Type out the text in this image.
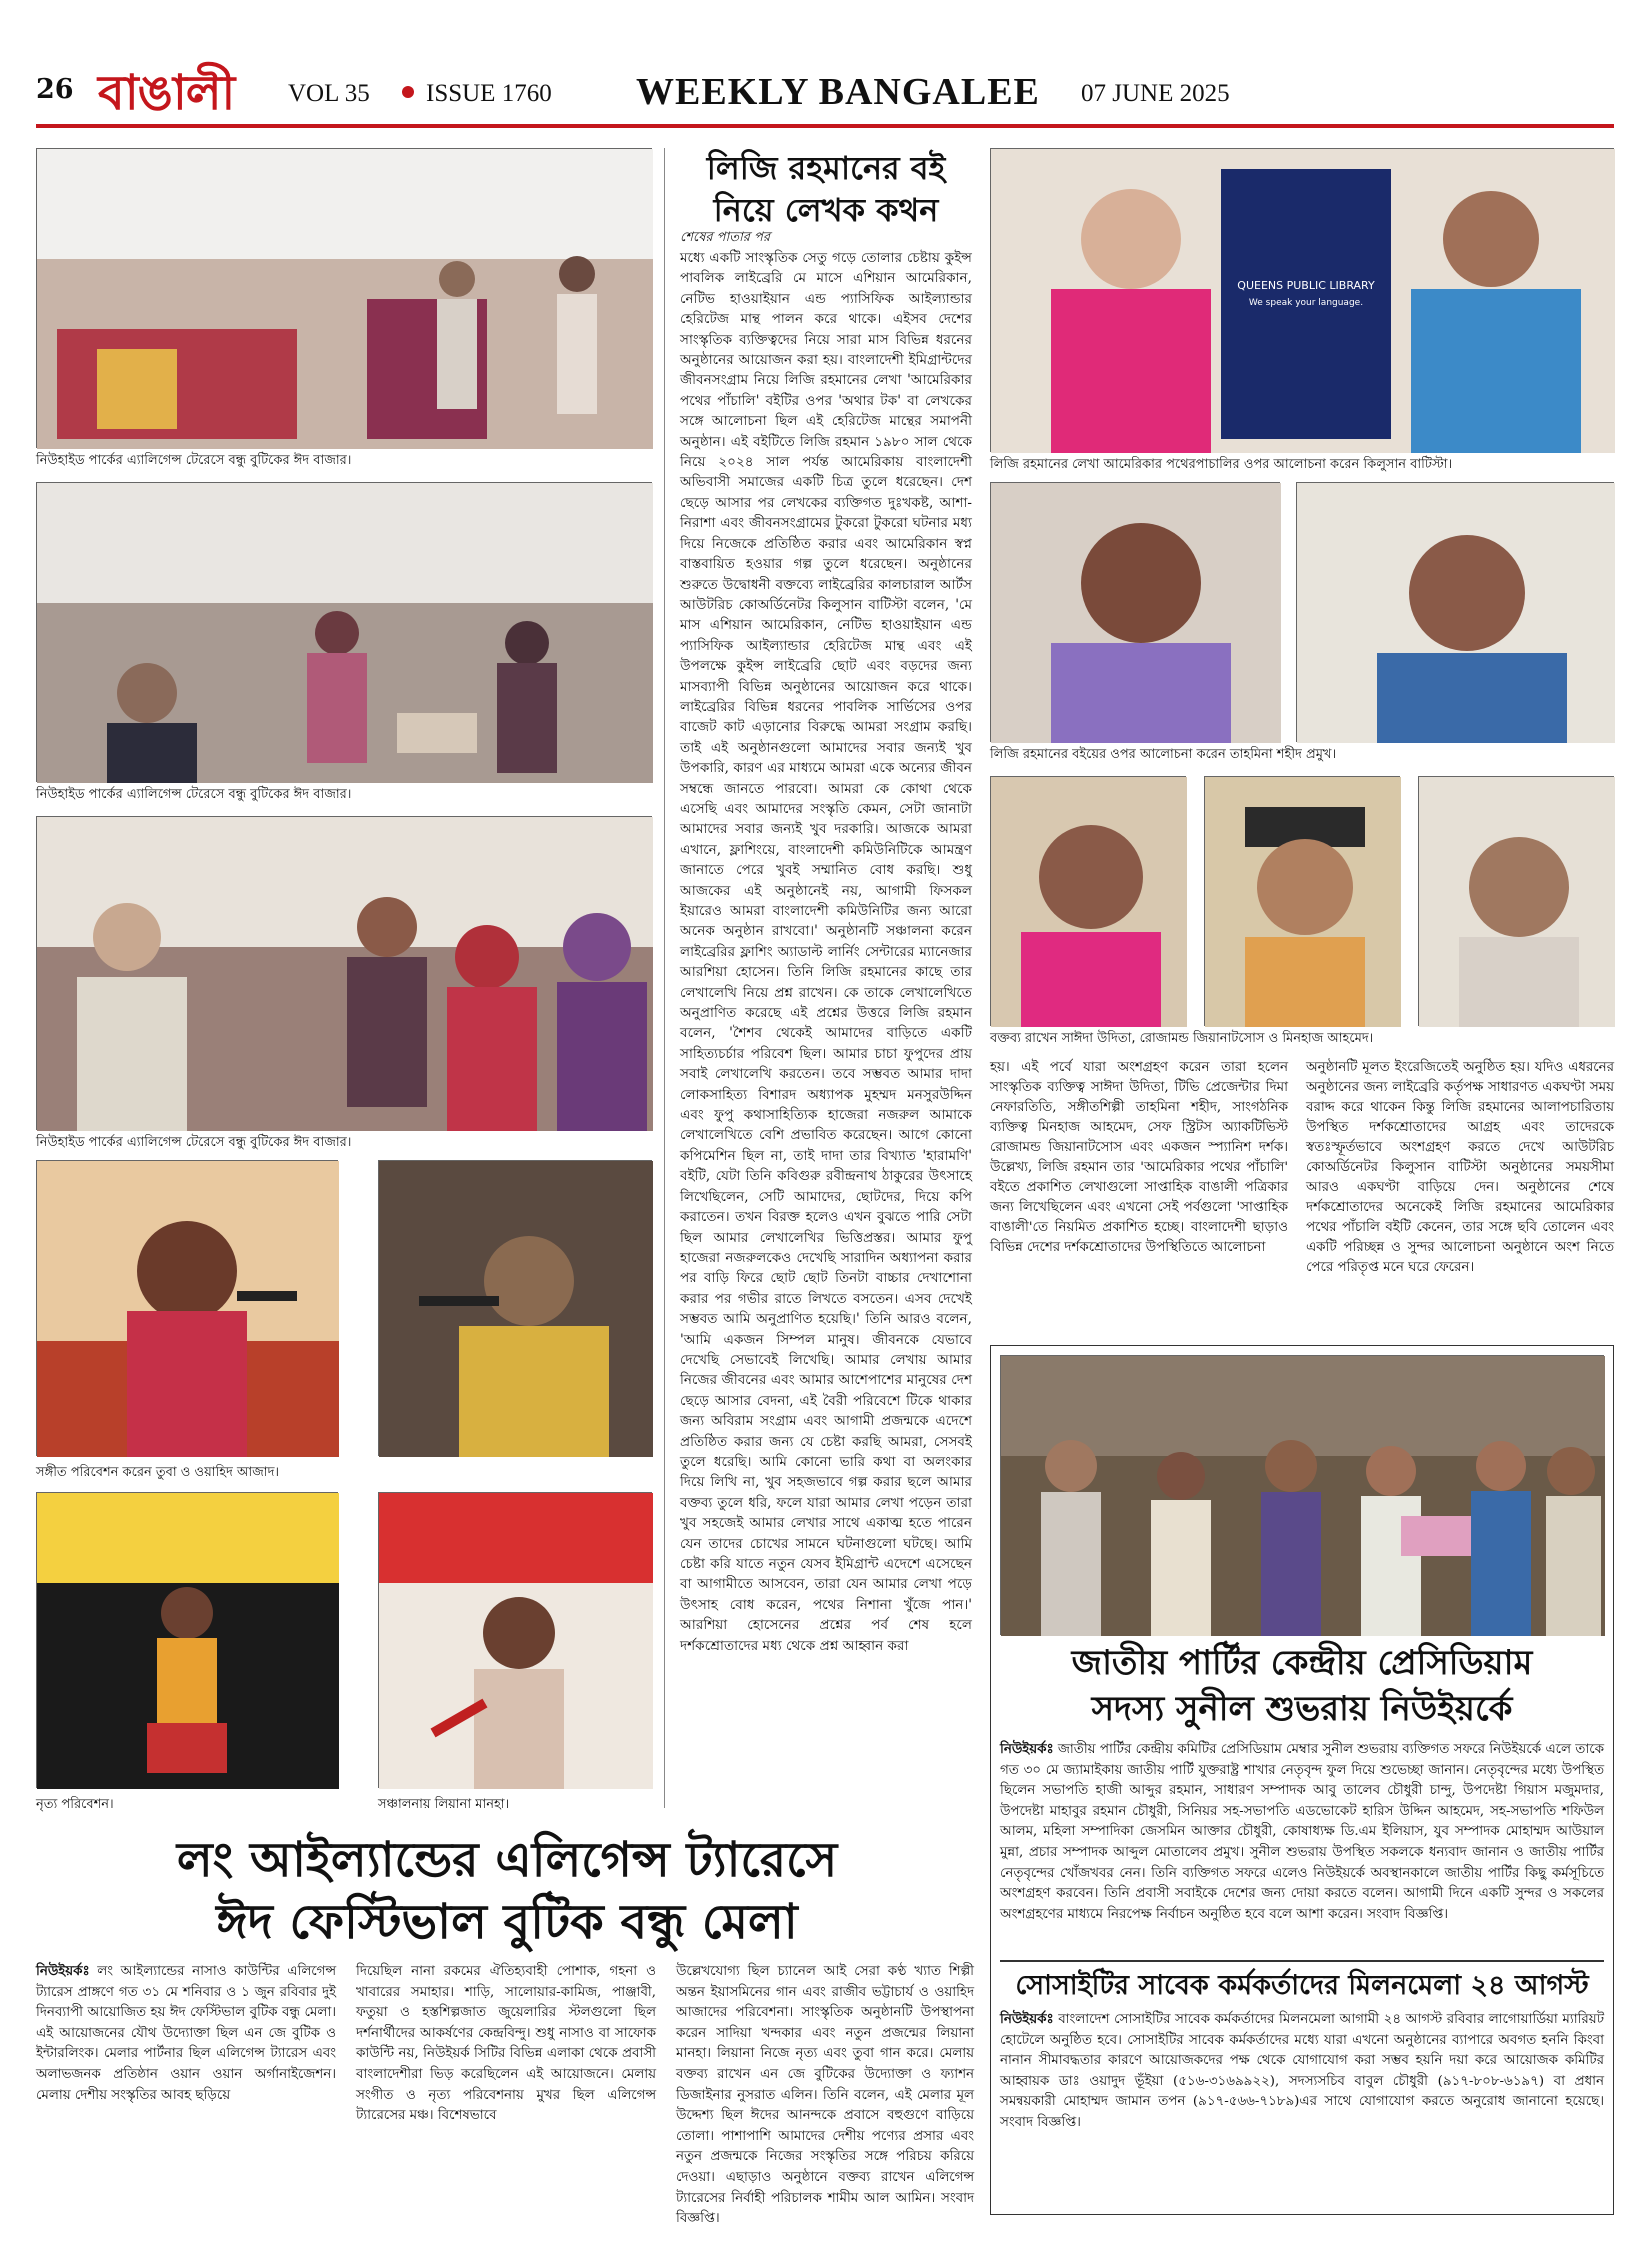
26 বাঙালী	VOL 35 ISSUE 1760 WEEKLY BANGALEE 07 JUNE 2025
নিউহাইড পার্কের এ্যালিগেন্স টেরেসে বন্ধু বুটিকের ঈদ বাজার।
নিউহাইড পার্কের এ্যালিগেন্স টেরেসে বন্ধু বুটিকের ঈদ বাজার।
নিউহাইড পার্কের এ্যালিগেন্স টেরেসে বন্ধু বুটিকের ঈদ বাজার।
সঙ্গীত পরিবেশন করেন তুবা ও ওয়াহিদ আজাদ।
নৃত্য পরিবেশন।	সঞ্চালনায় লিয়ানা মানহা।
লিজি রহমানের বই
নিয়ে লেখক কথন
শেষের পাতার পর
মধ্যে একটি সাংস্কৃতিক সেতু গড়ে তোলার চেষ্টায় কুইন্স পাবলিক লাইব্রেরি মে মাসে এশিয়ান আমেরিকান, নেটিভ হাওয়াইয়ান এন্ড প্যাসিফিক আইল্যান্ডার হেরিটেজ মান্থ পালন করে থাকে। এইসব দেশের সাংস্কৃতিক ব্যক্তিত্বদের নিয়ে সারা মাস বিভিন্ন ধরনের অনুষ্ঠানের আয়োজন করা হয়। বাংলাদেশী ইমিগ্রান্টদের জীবনসংগ্রাম নিয়ে লিজি রহমানের লেখা 'আমেরিকার পথের পাঁচালি' বইটির ওপর 'অথার টক' বা লেখকের সঙ্গে আলোচনা ছিল এই হেরিটেজ মান্থের সমাপনী অনুষ্ঠান। এই বইটিতে লিজি রহমান ১৯৮০ সাল থেকে নিয়ে ২০২৪ সাল পর্যন্ত আমেরিকায় বাংলাদেশী অভিবাসী সমাজের একটি চিত্র তুলে ধরেছেন। দেশ ছেড়ে আসার পর লেখকের ব্যক্তিগত দুঃখকষ্ট, আশা-নিরাশা এবং জীবনসংগ্রামের টুকরো টুকরো ঘটনার মধ্য দিয়ে নিজেকে প্রতিষ্ঠিত করার এবং আমেরিকান স্বপ্ন বাস্তবায়িত হওয়ার গল্প তুলে ধরেছেন। অনুষ্ঠানের শুরুতে উদ্বোধনী বক্তব্যে লাইব্রেরির কালচারাল আর্টস আউটরিচ কোঅর্ডিনেটর কিলুসান বাটিস্টা বলেন, 'মে মাস এশিয়ান আমেরিকান, নেটিভ হাওয়াইয়ান এন্ড প্যাসিফিক আইল্যান্ডার হেরিটেজ মান্থ এবং এই উপলক্ষে কুইন্স লাইব্রেরি ছোট এবং বড়দের জন্য মাসব্যাপী বিভিন্ন অনুষ্ঠানের আয়োজন করে থাকে। লাইব্রেরির বিভিন্ন ধরনের পাবলিক সার্ভিসের ওপর বাজেট কাট এড়ানোর বিরুদ্ধে আমরা সংগ্রাম করছি। তাই এই অনুষ্ঠানগুলো আমাদের সবার জন্যই খুব উপকারি, কারণ এর মাধ্যমে আমরা একে অন্যের জীবন সম্বন্ধে জানতে পারবো। আমরা কে কোথা থেকে এসেছি এবং আমাদের সংস্কৃতি কেমন, সেটা জানাটা আমাদের সবার জন্যই খুব দরকারি। আজকে আমরা এখানে, ফ্লাশিংয়ে, বাংলাদেশী কমিউনিটিকে আমন্ত্রণ জানাতে পেরে খুবই সম্মানিত বোধ করছি। শুধু আজকের এই অনুষ্ঠানেই নয়, আগামী ফিসকল ইয়ারেও আমরা বাংলাদেশী কমিউনিটির জন্য আরো অনেক অনুষ্ঠান রাখবো।' অনুষ্ঠানটি সঞ্চালনা করেন লাইব্রেরির ফ্লাশিং অ্যাডাল্ট লার্নিং সেন্টারের ম্যানেজার আরশিয়া হোসেন। তিনি লিজি রহমানের কাছে তার লেখালেখি নিয়ে প্রশ্ন রাখেন। কে তাকে লেখালেখিতে অনুপ্রাণিত করেছে এই প্রশ্নের উত্তরে লিজি রহমান বলেন, 'শৈশব থেকেই আমাদের বাড়িতে একটি সাহিত্যচর্চার পরিবেশ ছিল। আমার চাচা ফুপুদের প্রায় সবাই লেখালেখি করতেন। তবে সম্ভবত আমার দাদা লোকসাহিত্য বিশারদ অধ্যাপক মুহম্মদ মনসুরউদ্দিন এবং ফুপু কথাসাহিত্যিক হাজেরা নজরুল আমাকে লেখালেখিতে বেশি প্রভাবিত করেছেন। আগে কোনো কপিমেশিন ছিল না, তাই দাদা তার বিখ্যাত 'হারামণি' বইটি, যেটা তিনি কবিগুরু রবীন্দ্রনাথ ঠাকুরের উৎসাহে লিখেছিলেন, সেটি আমাদের, ছোটদের, দিয়ে কপি করাতেন। তখন বিরক্ত হলেও এখন বুঝতে পারি সেটা ছিল আমার লেখালেখির ভিত্তিপ্রস্তর। আমার ফুপু হাজেরা নজরুলকেও দেখেছি সারাদিন অধ্যাপনা করার পর বাড়ি ফিরে ছোট ছোট তিনটা বাচ্চার দেখাশোনা করার পর গভীর রাতে লিখতে বসতেন। এসব দেখেই সম্ভবত আমি অনুপ্রাণিত হয়েছি।' তিনি আরও বলেন, 'আমি একজন সিম্পল মানুষ। জীবনকে যেভাবে দেখেছি সেভাবেই লিখেছি। আমার লেখায় আমার নিজের জীবনের এবং আমার আশেপাশের মানুষের দেশ ছেড়ে আসার বেদনা, এই বৈরী পরিবেশে টিকে থাকার জন্য অবিরাম সংগ্রাম এবং আগামী প্রজন্মকে এদেশে প্রতিষ্ঠিত করার জন্য যে চেষ্টা করছি আমরা, সেসবই তুলে ধরেছি। আমি কোনো ভারি কথা বা অলংকার দিয়ে লিখি না, খুব সহজভাবে গল্প করার ছলে আমার বক্তব্য তুলে ধরি, ফলে যারা আমার লেখা পড়েন তারা খুব সহজেই আমার লেখার সাথে একাত্ম হতে পারেন যেন তাদের চোখের সামনে ঘটনাগুলো ঘটছে। আমি চেষ্টা করি যাতে নতুন যেসব ইমিগ্রান্ট এদেশে এসেছেন বা আগামীতে আসবেন, তারা যেন আমার লেখা পড়ে উৎসাহ বোধ করেন, পথের নিশানা খুঁজে পান।' আরশিয়া হোসেনের প্রশ্নের পর্ব শেষ হলে দর্শকশ্রোতাদের মধ্য থেকে প্রশ্ন আহ্বান করা
QUEENS PUBLIC LIBRARY
We speak your language.
লিজি রহমানের লেখা আমেরিকার পথেরপাচালির ওপর আলোচনা করেন কিলুসান বাটিস্টা।
লিজি রহমানের বইয়ের ওপর আলোচনা করেন তাহমিনা শহীদ প্রমুখ।
বক্তব্য রাখেন সাঈদা উদিতা, রোজামন্ড জিয়ানাটসোস ও মিনহাজ আহমেদ।
হয়। এই পর্বে যারা অংশগ্রহণ করেন তারা হলেন সাংস্কৃতিক ব্যক্তিত্ব সাঈদা উদিতা, টিভি প্রেজেন্টার দিমা নেফারতিতি, সঙ্গীতশিল্পী তাহমিনা শহীদ, সাংগঠনিক ব্যক্তিত্ব মিনহাজ আহমেদ, সেফ স্ট্রিটস অ্যাকটিভিস্ট রোজামন্ড জিয়ানাটসোস এবং একজন স্প্যানিশ দর্শক। উল্লেখ্য, লিজি রহমান তার 'আমেরিকার পথের পাঁচালি' বইতে প্রকাশিত লেখাগুলো সাপ্তাহিক বাঙালী পত্রিকার জন্য লিখেছিলেন এবং এখনো সেই পর্বগুলো 'সাপ্তাহিক বাঙালী'তে নিয়মিত প্রকাশিত হচ্ছে। বাংলাদেশী ছাড়াও বিভিন্ন দেশের দর্শকশ্রোতাদের উপস্থিতিতে আলোচনা
অনুষ্ঠানটি মূলত ইংরেজিতেই অনুষ্ঠিত হয়। যদিও এধরনের অনুষ্ঠানের জন্য লাইব্রেরি কর্তৃপক্ষ সাধারণত একঘণ্টা সময় বরাদ্দ করে থাকেন কিন্তু লিজি রহমানের আলাপচারিতায় উপস্থিত দর্শকশ্রোতাদের আগ্রহ এবং তাদেরকে স্বতঃস্ফূর্তভাবে অংশগ্রহণ করতে দেখে আউটরিচ কোঅর্ডিনেটর কিলুসান বাটিস্টা অনুষ্ঠানের সময়সীমা আরও একঘণ্টা বাড়িয়ে দেন। অনুষ্ঠানের শেষে দর্শকশ্রোতাদের অনেকেই লিজি রহমানের আমেরিকার পথের পাঁচালি বইটি কেনেন, তার সঙ্গে ছবি তোলেন এবং একটি পরিচ্ছন্ন ও সুন্দর আলোচনা অনুষ্ঠানে অংশ নিতে পেরে পরিতৃপ্ত মনে ঘরে ফেরেন।
জাতীয় পার্টির কেন্দ্রীয় প্রেসিডিয়াম
সদস্য সুনীল শুভরায় নিউইয়র্কে
নিউইয়র্কঃ জাতীয় পার্টির কেন্দ্রীয় কমিটির প্রেসিডিয়াম মেম্বার সুনীল শুভরায় ব্যক্তিগত সফরে নিউইয়র্কে এলে তাকে গত ৩০ মে জ্যামাইকায় জাতীয় পার্টি যুক্তরাষ্ট্র শাখার নেতৃবৃন্দ ফুল দিয়ে শুভেচ্ছা জানান। নেতৃবৃন্দের মধ্যে উপস্থিত ছিলেন সভাপতি হাজী আব্দুর রহমান, সাধারণ সম্পাদক আবু তালেব চৌধুরী চান্দু, উপদেষ্টা গিয়াস মজুমদার, উপদেষ্টা মাহাবুর রহমান চৌধুরী, সিনিয়র সহ-সভাপতি এডভোকেট হারিস উদ্দিন আহমেদ, সহ-সভাপতি শফিউল আলম, মহিলা সম্পাদিকা জেসমিন আক্তার চৌধুরী, কোষাধ্যক্ষ ডি.এম ইলিয়াস, যুব সম্পাদক মোহাম্মদ আউয়াল মুন্না, প্রচার সম্পাদক আব্দুল মোতালেব প্রমুখ। সুনীল শুভরায় উপস্থিত সকলকে ধন্যবাদ জানান ও জাতীয় পার্টির নেতৃবৃন্দের খোঁজখবর নেন। তিনি ব্যক্তিগত সফরে এলেও নিউইয়র্কে অবস্থানকালে জাতীয় পার্টির কিছু কর্মসূচিতে অংশগ্রহণ করবেন। তিনি প্রবাসী সবাইকে দেশের জন্য দোয়া করতে বলেন। আগামী দিনে একটি সুন্দর ও সকলের অংশগ্রহণের মাধ্যমে নিরপেক্ষ নির্বাচন অনুষ্ঠিত হবে বলে আশা করেন। সংবাদ বিজ্ঞপ্তি।
সোসাইটির সাবেক কর্মকর্তাদের মিলনমেলা ২৪ আগস্ট
নিউইয়র্কঃ বাংলাদেশ সোসাইটির সাবেক কর্মকর্তাদের মিলনমেলা আগামী ২৪ আগস্ট রবিবার লাগোয়ার্ডিয়া ম্যারিয়ট হোটেলে অনুষ্ঠিত হবে। সোসাইটির সাবেক কর্মকর্তাদের মধ্যে যারা এখনো অনুষ্ঠানের ব্যাপারে অবগত হননি কিংবা নানান সীমাবদ্ধতার কারণে আয়োজকদের পক্ষ থেকে যোগাযোগ করা সম্ভব হয়নি দয়া করে আয়োজক কমিটির আহ্বায়ক ডাঃ ওয়াদুদ ভূঁইয়া (৫১৬-৩১৬৯৯২২), সদস্যসচিব বাবুল চৌধুরী (৯১৭-৮০৮-৬১৯৭) বা প্রধান সমন্বয়কারী মোহাম্মদ জামান তপন (৯১৭-৫৬৬-৭১৮৯)এর সাথে যোগাযোগ করতে অনুরোধ জানানো হয়েছে। সংবাদ বিজ্ঞপ্তি।
লং আইল্যান্ডের এলিগেন্স ট্যারেসে
ঈদ ফেস্টিভাল বুটিক বন্ধু মেলা
নিউইয়র্কঃ লং আইল্যান্ডের নাসাও কাউন্টির এলিগেন্স ট্যারেস প্রাঙ্গণে গত ৩১ মে শনিবার ও ১ জুন রবিবার দুই দিনব্যাপী আয়োজিত হয় ঈদ ফেস্টিভাল বুটিক বন্ধু মেলা। এই আয়োজনের যৌথ উদ্যোক্তা ছিল এন জে বুটিক ও ইন্টারলিংক। মেলার পার্টনার ছিল এলিগেন্স ট্যারেস এবং অলাভজনক প্রতিষ্ঠান ওয়ান ওয়ান অর্গানাইজেশন। মেলায় দেশীয় সংস্কৃতির আবহ ছড়িয়ে
দিয়েছিল নানা রকমের ঐতিহ্যবাহী পোশাক, গহনা ও খাবারের সমাহার। শাড়ি, সালোয়ার-কামিজ, পাঞ্জাবী, ফতুয়া ও হস্তশিল্পজাত জুয়েলারির স্টলগুলো ছিল দর্শনার্থীদের আকর্ষণের কেন্দ্রবিন্দু। শুধু নাসাও বা সাফোক কাউন্টি নয়, নিউইয়র্ক সিটির বিভিন্ন এলাকা থেকে প্রবাসী বাংলাদেশীরা ভিড় করেছিলেন এই আয়োজনে। মেলায় সংগীত ও নৃত্য পরিবেশনায় মুখর ছিল এলিগেন্স ট্যারেসের মঞ্চ। বিশেষভাবে
উল্লেখযোগ্য ছিল চ্যানেল আই সেরা কণ্ঠ খ্যাত শিল্পী অন্তন ইয়াসমিনের গান এবং রাজীব ভট্টাচার্য ও ওয়াহিদ আজাদের পরিবেশনা। সাংস্কৃতিক অনুষ্ঠানটি উপস্থাপনা করেন সাদিয়া খন্দকার এবং নতুন প্রজন্মের লিয়ানা মানহা। লিয়ানা নিজে নৃত্য এবং তুবা গান করে। মেলায় বক্তব্য রাখেন এন জে বুটিকের উদ্যোক্তা ও ফ্যাশন ডিজাইনার নুসরাত এলিন। তিনি বলেন, এই মেলার মূল উদ্দেশ্য ছিল ঈদের আনন্দকে প্রবাসে বহুগুণে বাড়িয়ে তোলা। পাশাপাশি আমাদের দেশীয় পণ্যের প্রসার এবং নতুন প্রজন্মকে নিজের সংস্কৃতির সঙ্গে পরিচয় করিয়ে দেওয়া। এছাড়াও অনুষ্ঠানে বক্তব্য রাখেন এলিগেন্স ট্যারেসের নির্বাহী পরিচালক শামীম আল আমিন। সংবাদ বিজ্ঞপ্তি।
